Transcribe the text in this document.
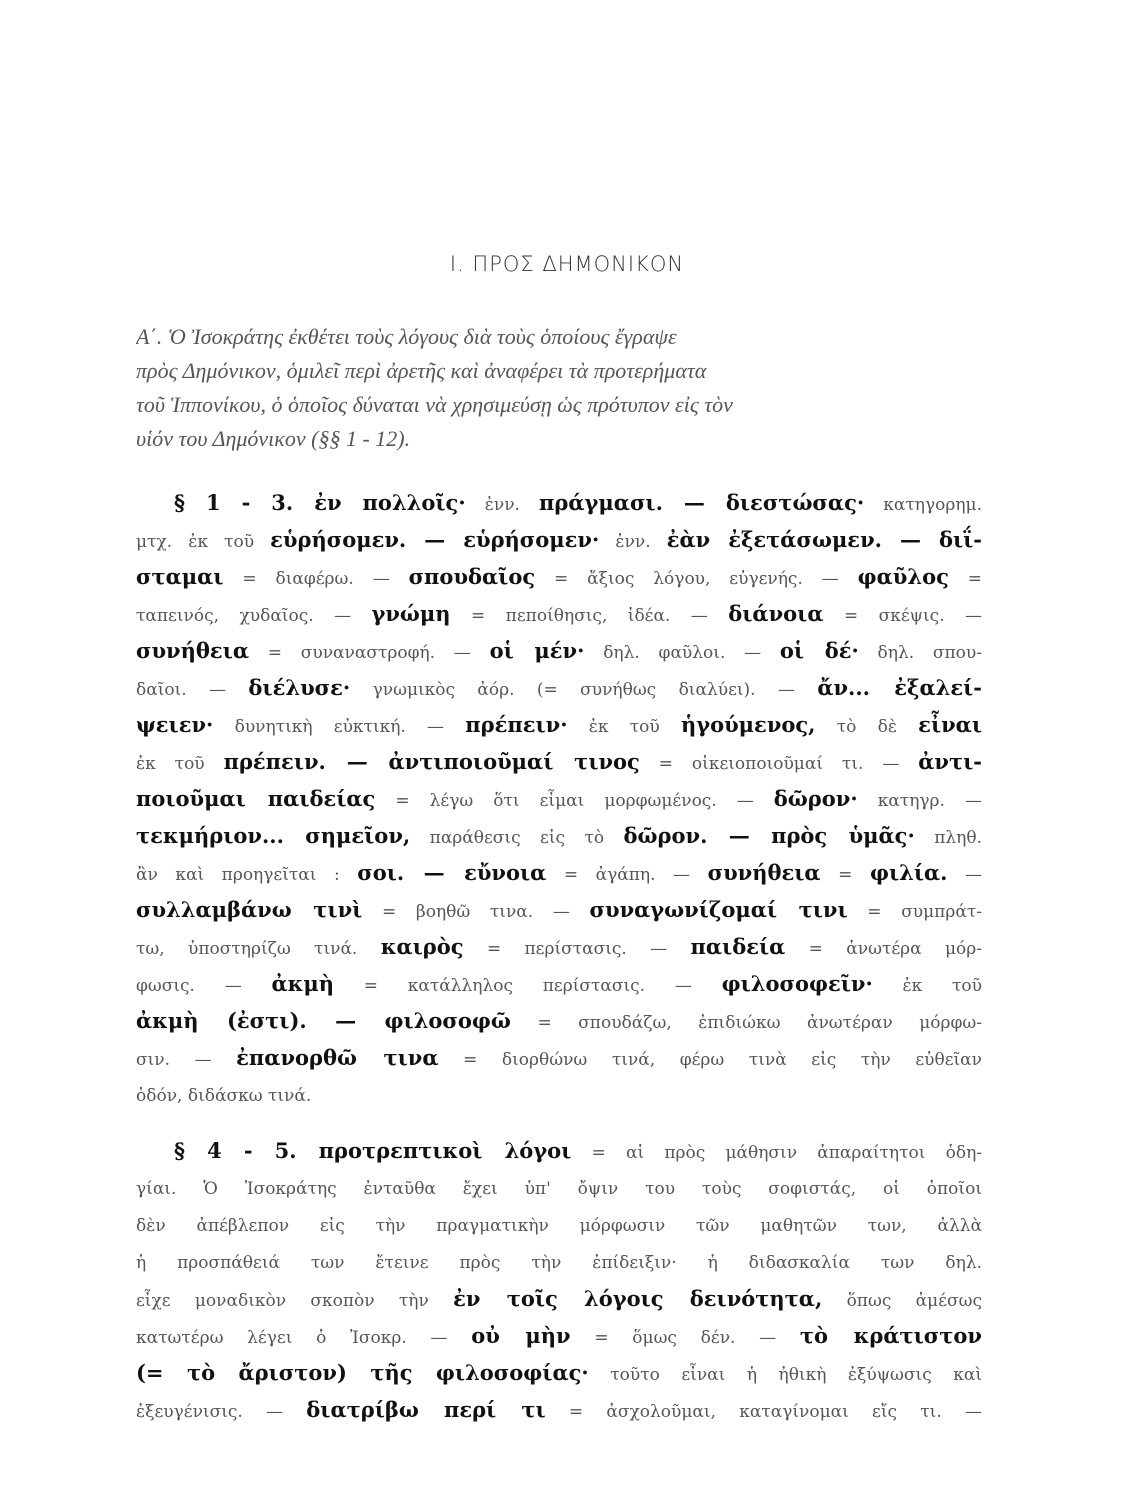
Ι. ΠΡΟΣ ΔΗΜΟΝΙΚΟΝ
Α΄. Ὁ Ἰσοκράτης ἐκθέτει τοὺς λόγους διὰ τοὺς ὁποίους ἔγραψε
πρὸς Δημόνικον, ὁμιλεῖ περὶ ἀρετῆς καὶ ἀναφέρει τὰ προτερήματα
τοῦ Ἱππονίκου, ὁ ὁποῖος δύναται νὰ χρησιμεύσῃ ὡς πρότυπον εἰς τὸν
υἱόν του Δημόνικον (§§ 1 - 12).
§ 1 - 3. ἐν πολλοῖς· ἐνν. πράγμασι. — διεστώσας· κατηγορημ.
μτχ. ἐκ τοῦ εὑρήσομεν. — εὑρήσομεν· ἐνν. ἐὰν ἐξετάσωμεν. — διΐ-
σταμαι = διαφέρω. — σπουδαῖος = ἄξιος λόγου, εὐγενής. — φαῦλος =
ταπεινός, χυδαῖος. — γνώμη = πεποίθησις, ἰδέα. — διάνοια = σκέψις. —
συνήθεια = συναναστροφή. — οἱ μέν· δηλ. φαῦλοι. — οἱ δέ· δηλ. σπου-
δαῖοι. — διέλυσε· γνωμικὸς ἀόρ. (= συνήθως διαλύει). — ἄν... ἐξαλεί-
ψειεν· δυνητικὴ εὐκτική. — πρέπειν· ἐκ τοῦ ἡγούμενος, τὸ δὲ εἶναι
ἐκ τοῦ πρέπειν. — ἀντιποιοῦμαί τινος = οἰκειοποιοῦμαί τι. — ἀντι-
ποιοῦμαι παιδείας = λέγω ὅτι εἶμαι μορφωμένος. — δῶρον· κατηγρ. —
τεκμήριον... σημεῖον, παράθεσις εἰς τὸ δῶρον. — πρὸς ὑμᾶς· πληθ.
ἂν καὶ προηγεῖται : σοι. — εὔνοια = ἀγάπη. — συνήθεια = φιλία. —
συλλαμβάνω τινὶ = βοηθῶ τινα. — συναγωνίζομαί τινι = συμπράτ-
τω, ὑποστηρίζω τινά. καιρὸς = περίστασις. — παιδεία = ἀνωτέρα μόρ-
φωσις. — ἀκμὴ = κατάλληλος περίστασις. — φιλοσοφεῖν· ἐκ τοῦ
ἀκμὴ (ἐστι). — φιλοσοφῶ = σπουδάζω, ἐπιδιώκω ἀνωτέραν μόρφω-
σιν. — ἐπανορθῶ τινα = διορθώνω τινά, φέρω τινὰ εἰς τὴν εὐθεῖαν
ὁδόν, διδάσκω τινά.
§ 4 - 5. προτρεπτικοὶ λόγοι = αἱ πρὸς μάθησιν ἀπαραίτητοι ὁδη-
γίαι. Ὁ Ἰσοκράτης ἐνταῦθα ἔχει ὑπ' ὄψιν του τοὺς σοφιστάς, οἱ ὁποῖοι
δὲν ἀπέβλεπον εἰς τὴν πραγματικὴν μόρφωσιν τῶν μαθητῶν των, ἀλλὰ
ἡ προσπάθειά των ἔτεινε πρὸς τὴν ἐπίδειξιν· ἡ διδασκαλία των δηλ.
εἶχε μοναδικὸν σκοπὸν τὴν ἐν τοῖς λόγοις δεινότητα, ὅπως ἀμέσως
κατωτέρω λέγει ὁ Ἰσοκρ. — οὐ μὴν = ὅμως δέν. — τὸ κράτιστον
(= τὸ ἄριστον) τῆς φιλοσοφίας· τοῦτο εἶναι ἡ ἠθικὴ ἐξύψωσις καὶ
ἐξευγένισις. — διατρίβω περί τι = ἀσχολοῦμαι, καταγίνομαι εἴς τι. —
